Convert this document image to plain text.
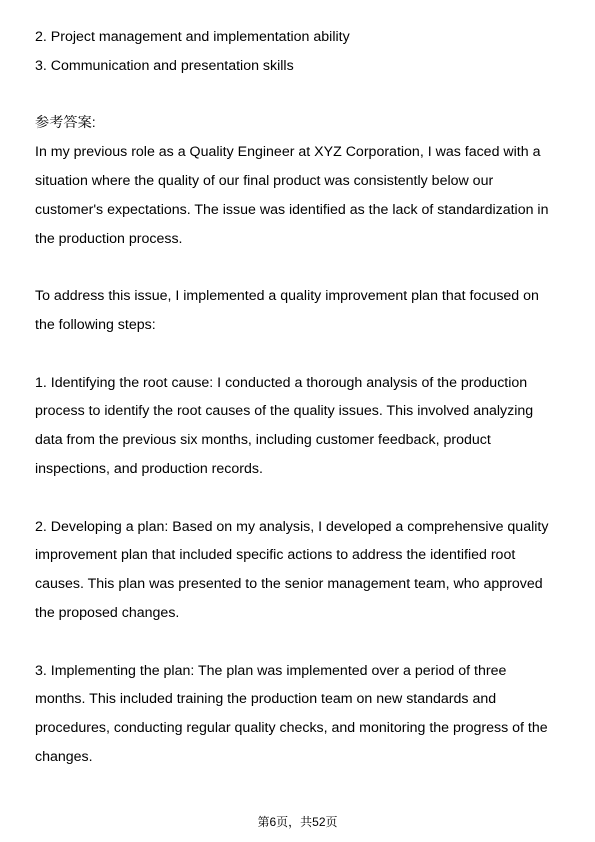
2. Project management and implementation ability
3. Communication and presentation skills
参考答案:
In my previous role as a Quality Engineer at XYZ Corporation, I was faced with a
situation where the quality of our final product was consistently below our
customer's expectations. The issue was identified as the lack of standardization in
the production process.
To address this issue, I implemented a quality improvement plan that focused on
the following steps:
1. Identifying the root cause: I conducted a thorough analysis of the production
process to identify the root causes of the quality issues. This involved analyzing
data from the previous six months, including customer feedback, product
inspections, and production records.
2. Developing a plan: Based on my analysis, I developed a comprehensive quality
improvement plan that included specific actions to address the identified root
causes. This plan was presented to the senior management team, who approved
the proposed changes.
3. Implementing the plan: The plan was implemented over a period of three
months. This included training the production team on new standards and
procedures, conducting regular quality checks, and monitoring the progress of the
changes.
第6页，共52页
